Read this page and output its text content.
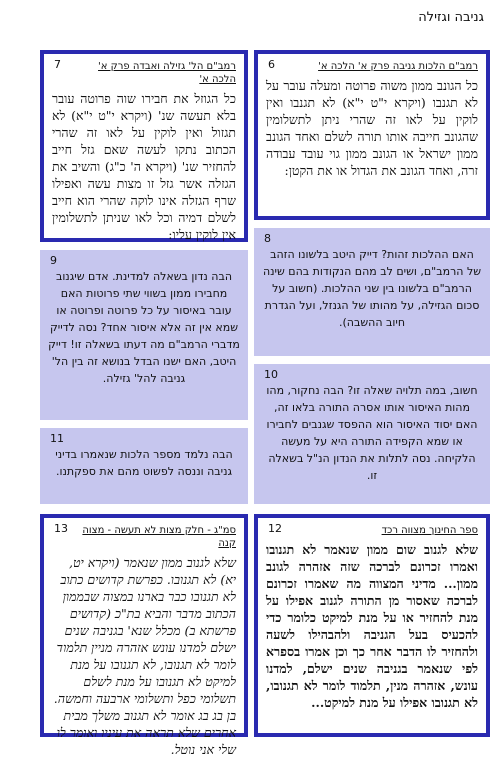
גניבה וגזילה
6	רמב"ם הלכות גניבה פרק א' הלכה א'
כל הגונב ממון משוה פרוטה ומעלה עובר על לא תגנבו (ויקרא י"ט י"א) לא תגנבו ואין לוקין על לאו זה שהרי ניתן לתשלומין שהגונב חייבה אותו תורה לשלם ואחד הגונב ממון ישראל או הגונב ממון גוי עובד עבודה זרה, ואחד הגונב את הגדול או את הקטן:
7	רמב"ם הל' גזילה ואבדה פרק א' הלכה א'
כל הגוזל את חבירו שוה פרוטה עובר בלא תעשה שנ' (ויקרא י"ט י"א) לא תגזול ואין לוקין על לאו זה שהרי הכתוב נתקו לעשה שאם גזל חייב להחזיר שנ' (ויקרא ה' כ"ג) והשיב את הגזלה אשר גזל זו מצות עשה ואפילו שרף הגזלה אינו לוקה שהרי הוא חייב לשלם דמיה וכל לאו שניתן לתשלומין אין לוקין עליו:	8
האם ההלכות זהות? דייק היטב בלשונו הזהב של הרמב"ם, ושים לב מהם הנקודות בהם שינה הרמב"ם בלשונו בין שני ההלכות. (חשוב על סכום הגזילה, על מהותו של הגנזל, ועל הגדרת חיוב ההשבה).
9
הבה נדון בשאלה למדינת. אדם שיגנוב מחבירו ממון בשווי שתי פרוטות האם עובר באיסור על כל פרוטה ופרוטה או שמא אין זה אלא איסור אחד? נסה לדייק מדברי הרמב"ם מה דעתו בשאלה זו! דייק היטב, האם ישנו הבדל בנושא זה בין הל' גניבה להל' גזילה.	10
חשוב, במה תלויה שאלה זו? הבה נחקור, מהו מהות האיסור אותו אסרה התורה בלאו זה, האם יסוד האיסור הוא ההפסד שגנבים לחבירו או שמא הקפידה התורה היא על מעשה הלקיחה. נסה לתלות את הנדון הנ"ל בשאלה זו.
11
הבה נלמד מספר הלכות שנאמרו בדיני גניבה וננסה לפשוט מהם את ספקתנו.
12	ספר החינוך מצווה רכד
שלא לגנוב שום ממון שנאמר לא תגנובו ואמרו זכרונם לברכה שזה אזהרה לגונב ממון... מדיני המצווה מה שאמרו זכרונם לברכה שאסור מן התורה לגנוב אפילו על מנת להחזיר או על מנת למיקט כלומר כדי להכעיס בעל הגניבה ולהבהילו לשעה ולהחזיר לו הדבר אחר כך וכן אמרו בספרא לפי שנאמר בגניבה שנים ישלם, למדנו עונש, אזהרה מנין, תלמוד לומר לא תגנובו, לא תגנובו אפילו על מנת למיקט...
13	סמ"ג - חלק מצות לא תעשה - מצוה קנה
שלא לגנוב ממון שנאמר (ויקרא יט, יא) לא תגנובו. כפרשת קדושים כתוב לא תגנובו כבר בארנו במצוה שבממון הכתוב מדבר והביא בת"כ (קדושים פרשתא ב) מכלל שנא' בגניבה שנים ישלם למדנו עונש אזהרה מניין תלמוד לומר לא תגנובו, לא תגנובו על מנת למיקט לא תגנובו על מנת לשלם תשלומי כפל ותשלומי ארבעה וחמשה. בן בג בג אומר לא תגנוב משלך מבית אחרים שלא תראה את עיניו ואומר לו שלי אני נוטל.
